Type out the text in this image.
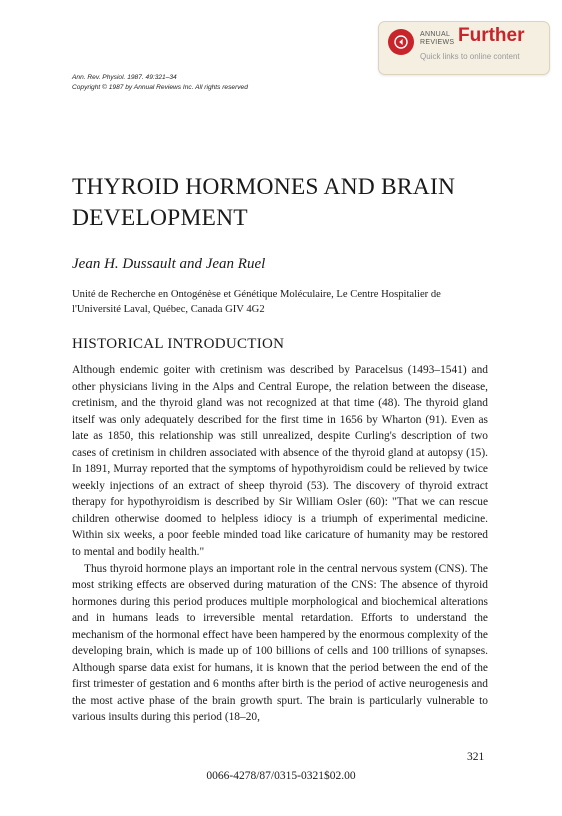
ANNUAL REVIEWS Further
Quick links to online content
Ann. Rev. Physiol. 1987. 49:321–34
Copyright © 1987 by Annual Reviews Inc. All rights reserved
THYROID HORMONES AND BRAIN DEVELOPMENT
Jean H. Dussault and Jean Ruel
Unité de Recherche en Ontogénèse et Génétique Moléculaire, Le Centre Hospitalier de l'Université Laval, Québec, Canada GIV 4G2
HISTORICAL INTRODUCTION

Although endemic goiter with cretinism was described by Paracelsus (1493–1541) and other physicians living in the Alps and Central Europe, the relation between the disease, cretinism, and the thyroid gland was not recognized at that time (48). The thyroid gland itself was only adequately described for the first time in 1656 by Wharton (91). Even as late as 1850, this relationship was still unrealized, despite Curling's description of two cases of cretinism in children associated with absence of the thyroid gland at autopsy (15). In 1891, Murray reported that the symptoms of hypothyroidism could be relieved by twice weekly injections of an extract of sheep thyroid (53). The discovery of thyroid extract therapy for hypothyroidism is described by Sir William Osler (60): "That we can rescue children otherwise doomed to helpless idiocy is a triumph of experimental medicine. Within six weeks, a poor feeble minded toad like caricature of humanity may be restored to mental and bodily health."

Thus thyroid hormone plays an important role in the central nervous system (CNS). The most striking effects are observed during maturation of the CNS: The absence of thyroid hormones during this period produces multiple morphological and biochemical alterations and in humans leads to irreversible mental retardation. Efforts to understand the mechanism of the hormonal effect have been hampered by the enormous complexity of the developing brain, which is made up of 100 billions of cells and 100 trillions of synapses. Although sparse data exist for humans, it is known that the period between the end of the first trimester of gestation and 6 months after birth is the period of active neurogenesis and the most active phase of the brain growth spurt. The brain is particularly vulnerable to various insults during this period (18–20,

321
0066-4278/87/0315-0321$02.00
